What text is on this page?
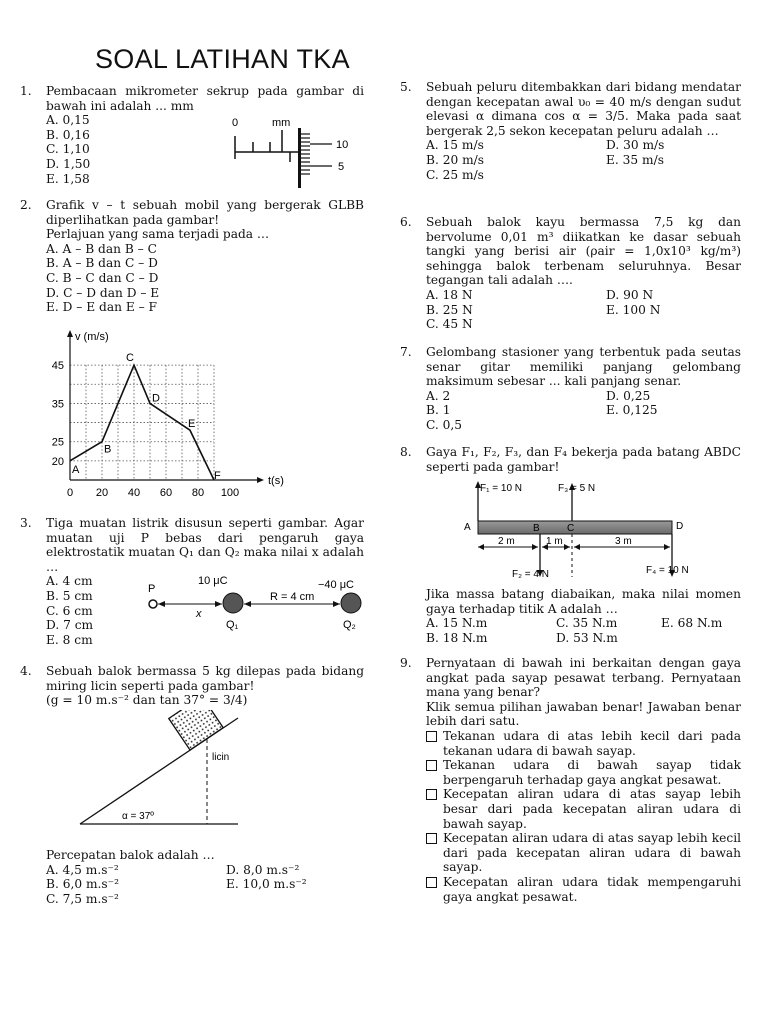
SOAL LATIHAN TKA
1. Pembacaan mikrometer sekrup pada gambar di bawah ini adalah ... mm
A. 0,15
B. 0,16
C. 1,10
D. 1,50
E. 1,58
0	mm
10
5
2. Grafik v – t sebuah mobil yang bergerak GLBB diperlihatkan pada gambar!
Perlajuan yang sama terjadi pada …
A. A – B dan B – C
B. A – B dan C – D
C. B – C dan C – D
D. C – D dan D – E
E. D – E dan E – F
v (m/s)
t(s)
0 20 40 60 80 100
20
25
35
45
A
B
C
D
E
F
3. Tiga muatan listrik disusun seperti gambar. Agar muatan uji P bebas dari pengaruh gaya elektrostatik muatan Q₁ dan Q₂ maka nilai x adalah …
A. 4 cm
B. 5 cm
C. 6 cm
D. 7 cm
E. 8 cm
P
10 μC	−40 μC
x
R = 4 cm
Q₁	Q₂
4. Sebuah balok bermassa 5 kg dilepas pada bidang miring licin seperti pada gambar!
(g = 10 m.s⁻² dan tan 37° = 3/4)
licin
α = 37º
Percepatan balok adalah …
A. 4,5 m.s⁻²	D. 8,0 m.s⁻²
B. 6,0 m.s⁻²	E. 10,0 m.s⁻²
C. 7,5 m.s⁻²
5. Sebuah peluru ditembakkan dari bidang mendatar dengan kecepatan awal υ₀ = 40 m/s dengan sudut elevasi α dimana cos α = 3/5. Maka pada saat bergerak 2,5 sekon kecepatan peluru adalah …
A. 15 m/s	D. 30 m/s
B. 20 m/s	E. 35 m/s
C. 25 m/s
6. Sebuah balok kayu bermassa 7,5 kg dan bervolume 0,01 m³ diikatkan ke dasar sebuah tangki yang berisi air (ρair = 1,0x10³ kg/m³) sehingga balok terbenam seluruhnya. Besar tegangan tali adalah ….
A. 18 N	D. 90 N
B. 25 N	E. 100 N
C. 45 N
7. Gelombang stasioner yang terbentuk pada seutas senar gitar memiliki panjang gelombang maksimum sebesar ... kali panjang senar.
A. 2	D. 0,25
B. 1	E. 0,125
C. 0,5
8. Gaya F₁, F₂, F₃, dan F₄ bekerja pada batang ABDC seperti pada gambar!
F₁ = 10 N	F₃ = 5 N
A	B	C	D
2 m	1 m	3 m
F₂ = 4 N	F₄ = 10 N
Jika massa batang diabaikan, maka nilai momen gaya terhadap titik A adalah …
A. 15 N.m	C. 35 N.m	E. 68 N.m
B. 18 N.m	D. 53 N.m
9. Pernyataan di bawah ini berkaitan dengan gaya angkat pada sayap pesawat terbang. Pernyataan mana yang benar?
Klik semua pilihan jawaban benar! Jawaban benar lebih dari satu.
Tekanan udara di atas lebih kecil dari pada tekanan udara di bawah sayap.
Tekanan udara di bawah sayap tidak berpengaruh terhadap gaya angkat pesawat.
Kecepatan aliran udara di atas sayap lebih besar dari pada kecepatan aliran udara di bawah sayap.
Kecepatan aliran udara di atas sayap lebih kecil dari pada kecepatan aliran udara di bawah sayap.
Kecepatan aliran udara tidak mempengaruhi gaya angkat pesawat.
